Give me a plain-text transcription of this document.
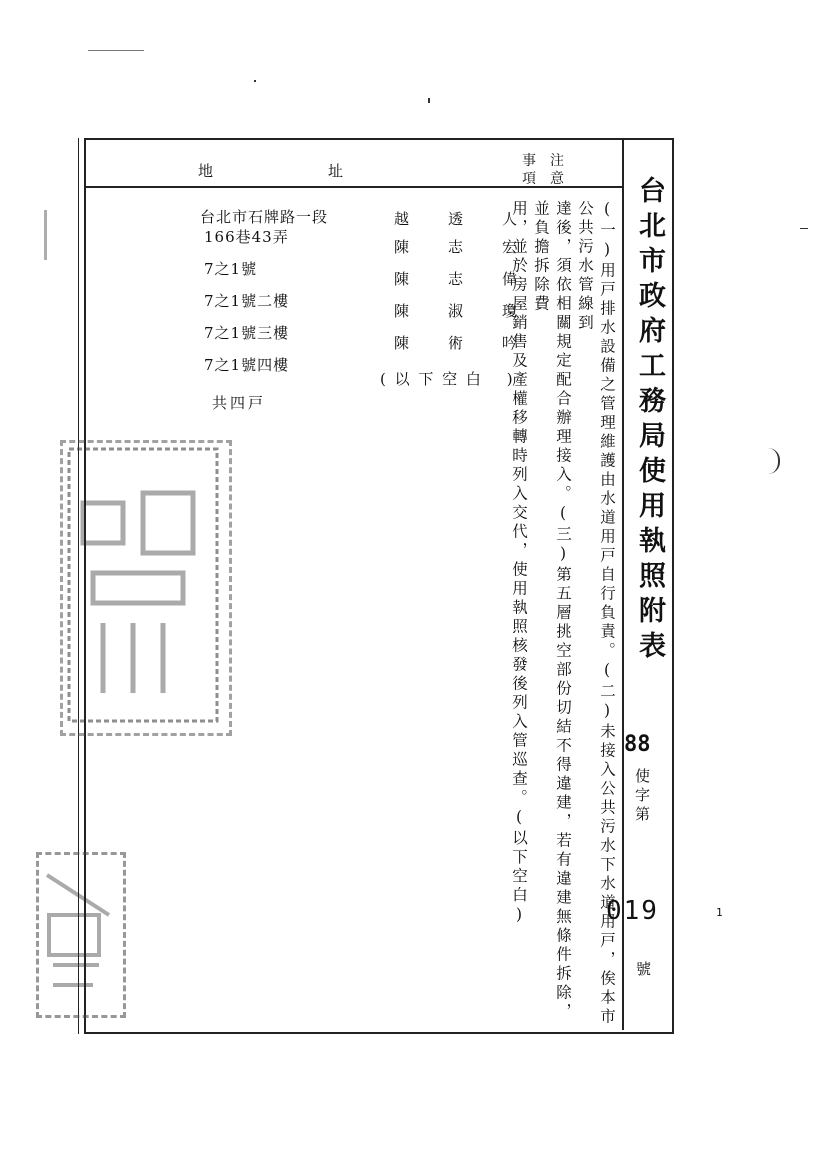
地	址
事　注
項　意
台北市石牌路一段
166巷43弄
7之1號
7之1號二樓
7之1號三樓
7之1號四樓
共四戸
越　　透　　人
陳　　志　　宏
陳　　志　　偉
陳　　淑　　瓊
陳　　術　　吟
( 以 下 空 白 　)	(一)用戸排水設備之管理維護由水道用戸自行負責。(二)未接入公共污水下水道用戸，俟本市公共污水管線到
達後，須依相關規定配合辦理接入。(三)第五層挑空部份切結不得違建，若有違建無條件拆除，並負擔拆除費
用，並於房屋銷售及產權移轉時列入交代，使用執照核發後列入管巡查。(以下空白)	台北市政府工務局使用執照附表
88
使字第
019
號
1
